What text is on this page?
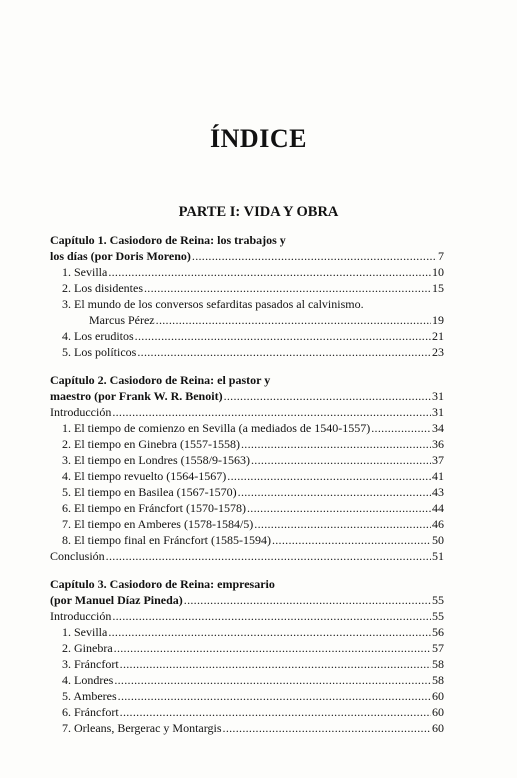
ÍNDICE
PARTE I: VIDA Y OBRA
Capítulo 1. Casiodoro de Reina: los trabajos y
los días (por Doris Moreno) .....	7
1. Sevilla .....	10
2. Los disidentes .....	15
3. El mundo de los conversos sefarditas pasados al calvinismo.
Marcus Pérez .....	19
4. Los eruditos .....	21
5. Los políticos .....	23
Capítulo 2. Casiodoro de Reina: el pastor y
maestro (por Frank W. R. Benoit) .....	31
Introducción .....	31
1. El tiempo de comienzo en Sevilla (a mediados de 1540-1557) .....	34
2. El tiempo en Ginebra (1557-1558) .....	36
3. El tiempo en Londres (1558/9-1563) .....	37
4. El tiempo revuelto (1564-1567) .....	41
5. El tiempo en Basilea (1567-1570) .....	43
6. El tiempo en Fráncfort (1570-1578) .....	44
7. El tiempo en Amberes (1578-1584/5) .....	46
8. El tiempo final en Fráncfort (1585-1594) .....	50
Conclusión .....	51
Capítulo 3. Casiodoro de Reina: empresario
(por Manuel Díaz Pineda) .....	55
Introducción .....	55
1. Sevilla .....	56
2. Ginebra .....	57
3. Fráncfort .....	58
4. Londres .....	58
5. Amberes .....	60
6. Fráncfort .....	60
7. Orleans, Bergerac y Montargis .....	60
